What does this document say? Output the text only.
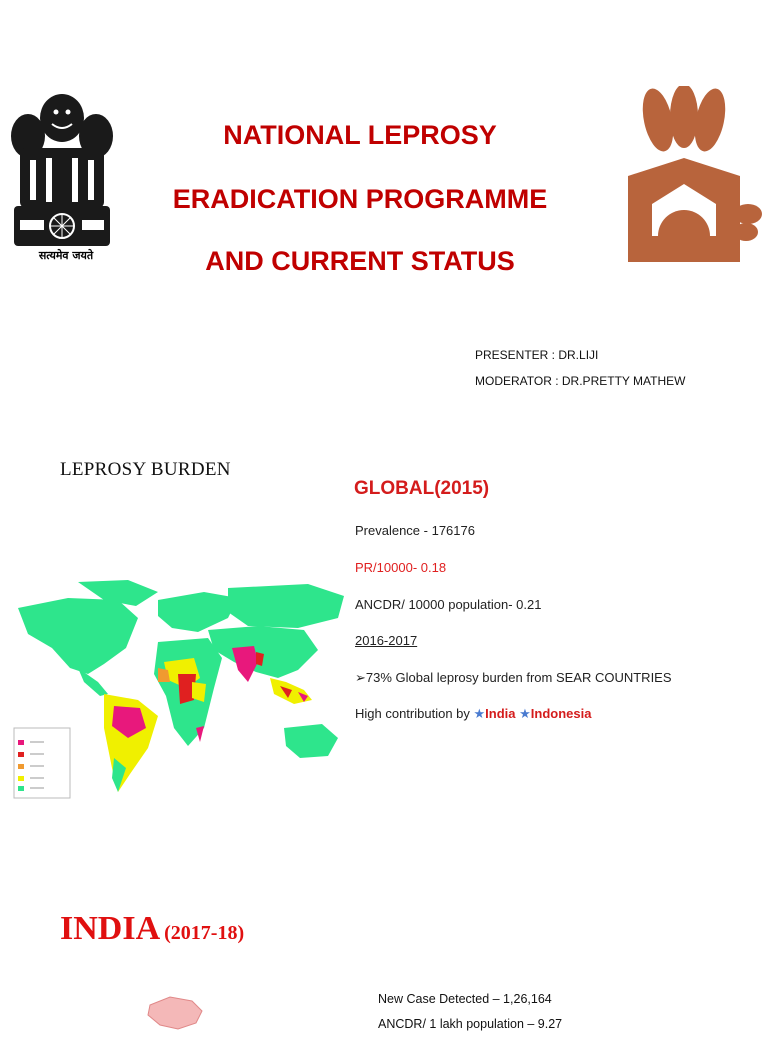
सत्यमेव जयते
NATIONAL LEPROSY
ERADICATION PROGRAMME
AND CURRENT STATUS
PRESENTER : DR.LIJI
MODERATOR : DR.PRETTY MATHEW
LEPROSY BURDEN
GLOBAL(2015)
Prevalence - 176176
PR/10000- 0.18
ANCDR/ 10000 population- 0.21
2016-2017
➢73% Global leprosy burden from SEAR COUNTRIES
High contribution by ★India ★Indonesia
INDIA (2017-18)
New Case Detected – 1,26,164
ANCDR/ 1 lakh population – 9.27
